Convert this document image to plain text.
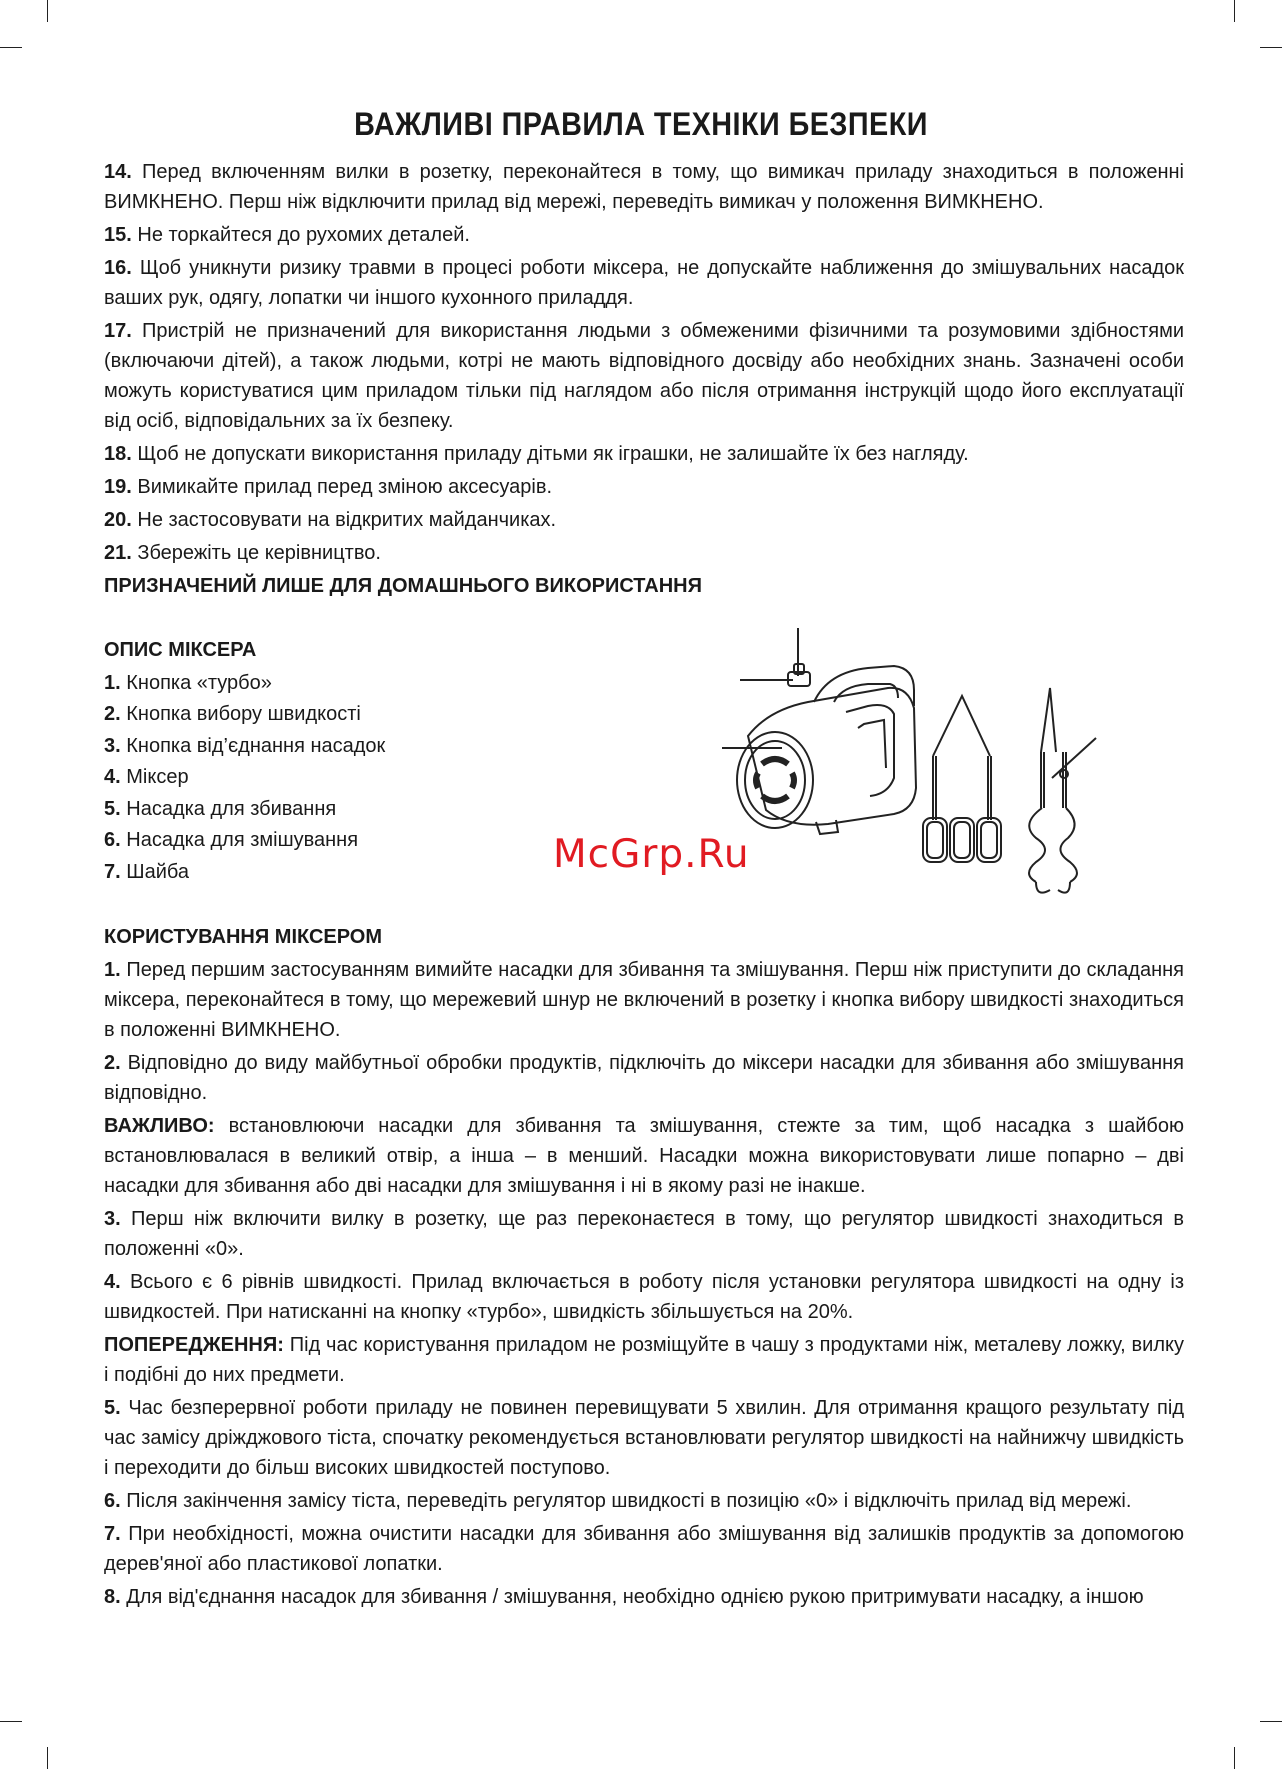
ВАЖЛИВІ ПРАВИЛА ТЕХНІКИ БЕЗПЕКИ

14. Перед включенням вилки в розетку, переконайтеся в тому, що вимикач приладу знаходиться в положенні ВИМКНЕНО. Перш ніж відключити прилад від мережі, переведіть вимикач у положення ВИМКНЕНО.

15. Не торкайтеся до рухомих деталей.

16. Щоб уникнути ризику травми в процесі роботи міксера, не допускайте наближення до змішувальних насадок ваших рук, одягу, лопатки чи іншого кухонного приладдя.

17. Пристрій не призначений для використання людьми з обмеженими фізичними та розумовими здібностями (включаючи дітей), а також людьми, котрі не мають відповідного досвіду або необхідних знань. Зазначені особи можуть користуватися цим приладом тільки під наглядом або після отримання інструкцій щодо його експлуатації від осіб, відповідальних за їх безпеку.

18. Щоб не допускати використання приладу дітьми як іграшки, не залишайте їх без нагляду.

19. Вимикайте прилад перед зміною аксесуарів.

20. Не застосовувати на відкритих майданчиках.

21. Збережіть це керівництво.

ПРИЗНАЧЕНИЙ ЛИШЕ ДЛЯ ДОМАШНЬОГО ВИКОРИСТАННЯ

ОПИС МІКСЕРА
1. Кнопка «турбо»
2. Кнопка вибору швидкості
3. Кнопка від’єднання насадок
4. Міксер
5. Насадка для збивання
6. Насадка для змішування
7. Шайба	McGrp.Ru

КОРИСТУВАННЯ МІКСЕРОМ

1. Перед першим застосуванням вимийте насадки для збивання та змішування. Перш ніж приступити до складання міксера, переконайтеся в тому, що мережевий шнур не включений в розетку і кнопка вибору швидкості знаходиться в положенні ВИМКНЕНО.

2. Відповідно до виду майбутньої обробки продуктів, підключіть до міксери насадки для збивання або змішування відповідно.

ВАЖЛИВО: встановлюючи насадки для збивання та змішування, стежте за тим, щоб насадка з шайбою встановлювалася в великий отвір, а інша – в менший. Насадки можна використовувати лише попарно – дві насадки для збивання або дві насадки для змішування і ні в якому разі не інакше.

3. Перш ніж включити вилку в розетку, ще раз переконаєтеся в тому, що регулятор швидкості знаходиться в положенні «0».

4. Всього є 6 рівнів швидкості. Прилад включається в роботу після установки регулятора швидкості на одну із швидкостей. При натисканні на кнопку «турбо», швидкість збільшується на 20%.

ПОПЕРЕДЖЕННЯ: Під час користування приладом не розміщуйте в чашу з продуктами ніж, металеву ложку, вилку і подібні до них предмети.

5. Час безперервної роботи приладу не повинен перевищувати 5 хвилин. Для отримання кращого результату під час замісу дріжджового тіста, спочатку рекомендується встановлювати регулятор швидкості на найнижчу швидкість і переходити до більш високих швидкостей поступово.

6. Після закінчення замісу тіста, переведіть регулятор швидкості в позицію «0» і відключіть прилад від мережі.

7. При необхідності, можна очистити насадки для збивання або змішування від залишків продуктів за допомогою дерев'яної або пластикової лопатки.

8. Для від'єднання насадок для збивання / змішування, необхідно однією рукою притримувати насадку, а іншою
